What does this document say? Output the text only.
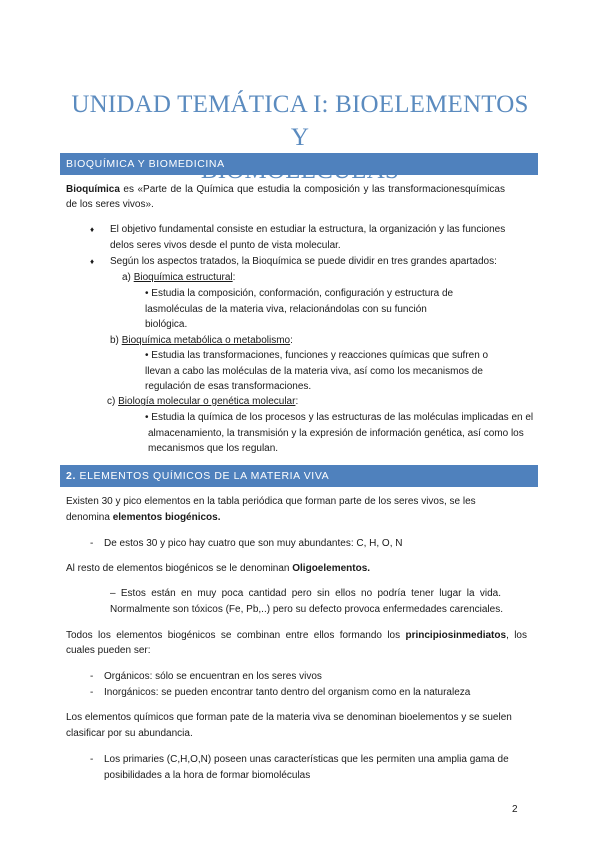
UNIDAD TEMÁTICA I: BIOELEMENTOS Y
BIOQUÍMICA Y BIOMEDICINA
Bioquímica es «Parte de la Química que estudia la composición y las transformacionesquímicas
de los seres vivos».
♦ El objetivo fundamental consiste en estudiar la estructura, la organización y las funciones
delos seres vivos desde el punto de vista molecular.
♦ Según los aspectos tratados, la Bioquímica se puede dividir en tres grandes apartados:
a) Bioquímica estructural:
• Estudia la composición, conformación, configuración y estructura de
lasmoléculas de la materia viva, relacionándolas con su función
biológica.
b) Bioquímica metabólica o metabolismo:
• Estudia las transformaciones, funciones y reacciones químicas que sufren o
llevan a cabo las moléculas de la materia viva, así como los mecanismos de
regulación de esas transformaciones.
c) Biología molecular o genética molecular:
• Estudia la química de los procesos y las estructuras de las moléculas implicadas en el
almacenamiento, la transmisión y la expresión de información genética, así como los
mecanismos que los regulan.
2. ELEMENTOS QUÍMICOS DE LA MATERIA VIVA
Existen 30 y pico elementos en la tabla periódica que forman parte de los seres vivos, se les
denomina elementos biogénicos.
- De estos 30 y pico hay cuatro que son muy abundantes: C, H, O, N
Al resto de elementos biogénicos se le denominan Oligoelementos.
– Estos están en muy poca cantidad pero sin ellos no podría tener lugar la vida.
Normalmente son tóxicos (Fe, Pb,..) pero su defecto provoca enfermedades carenciales.
Todos los elementos biogénicos se combinan entre ellos formando los principiosinmediatos, los
cuales pueden ser:
- Orgánicos: sólo se encuentran en los seres vivos
- Inorgánicos: se pueden encontrar tanto dentro del organism como en la naturaleza
Los elementos químicos que forman pate de la materia viva se denominan bioelementos y se suelen
clasificar por su abundancia.
- Los primaries (C,H,O,N) poseen unas características que les permiten una amplia gama de
posibilidades a la hora de formar biomoléculas
2
